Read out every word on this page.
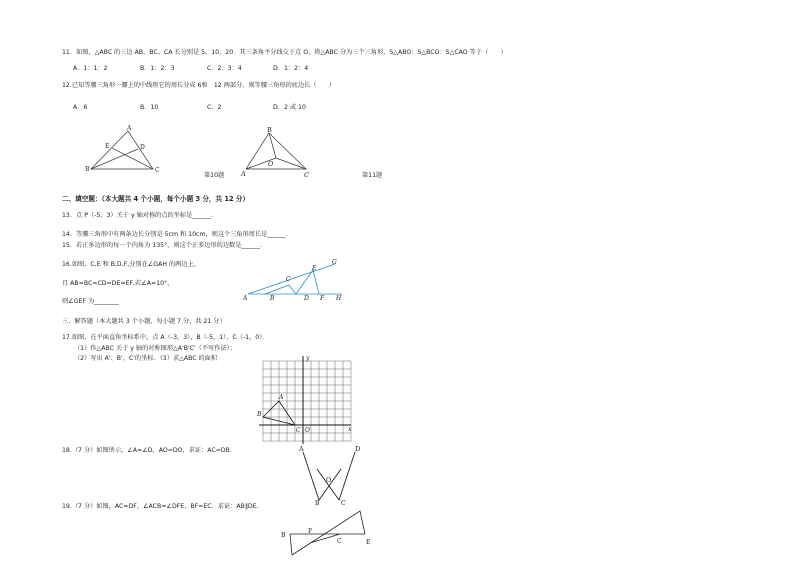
11．如图，△ABC 的三边 AB、BC、CA 长分别是 5、10、20．其三条角平分线交于点 O，将△ABC 分为三个三角形，S△ABO：S△BCO：S△CAO 等于（　　）
A．1：1：2	B．1：2：3	C．2：3：4	D．1：2：4
12.已知等腰三角形一腰上的中线将它的周长分成 6和　12 两部分，则等腰三角形的底边长（　　）
A．6	B．10	C．2	D．2 或 10
A
B	C
D
E
第10题
B
O
A	C	第11题
二、填空题：（本大题共 4 个小题，每个小题 3 分，共 12 分）
13．点 P（-5，3）关于 y 轴对称的点的坐标是______．
14．等腰三角形中有两条边长分别是 5cm 和 10cm，则这个三角形周长是______．
15．若正多边形的每一个内角为 135°，则这个正多边形的边数是______．
16.如图，C,E 和 B,D,F,分别在∠GAH 的两边上，
且 AB=BC=CD=DE=EF,若∠A=10°，
则∠GEF 为________
G
E
C
A	B	D F H
三、解答题（本大题共 3 个小题，每小题 7 分，共 21 分）
17.如图，在平面直角坐标系中，点 A（-3，3），B（-5，1），C（-1，0）．
（1）作△ABC 关于 y 轴的对称图形△A'B'C'（不写作法）；
（2）写出 A'、B'、C'的坐标．（3）求△ABC 的面积	y
A
B
C O	x
18.（7 分）如图所示，∠A=∠D，AO=DO，求证：AC=DB.	A	D
O
B	C
19.（7 分）如图，AC=DF，∠ACB=∠DFE，BF=EC．求证：AB∥DE．
B
F
C	E
